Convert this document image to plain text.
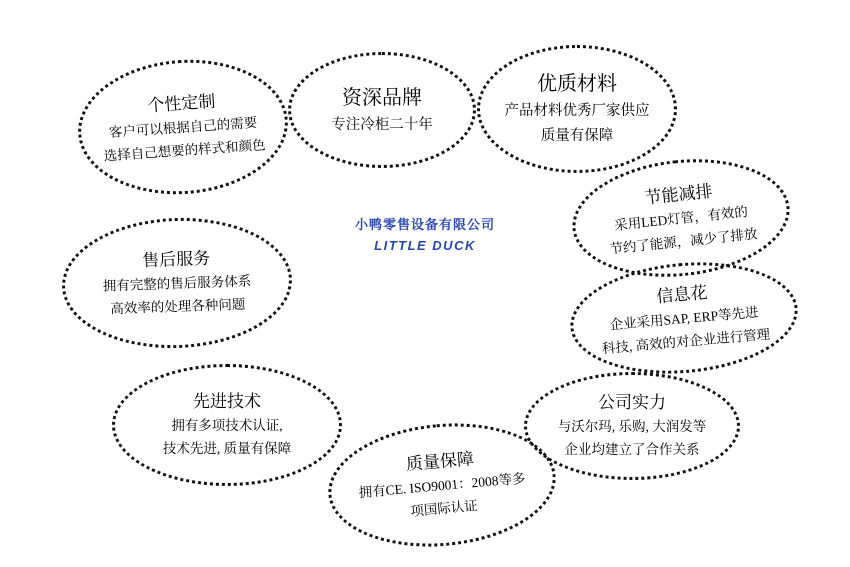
小鸭零售设备有限公司
LITTLE DUCK
个性定制
客户可以根据自己的需要
选择自己想要的样式和颜色
资深品牌
专注冷柜二十年
优质材料
产品材料优秀厂家供应
质量有保障
节能减排
采用LED灯管，有效的
节约了能源，减少了排放
售后服务
拥有完整的售后服务体系
高效率的处理各种问题	信息花
企业采用SAP, ERP等先进
科技, 高效的对企业进行管理
先进技术
拥有多项技术认证,
技术先进, 质量有保障
公司实力
与沃尔玛, 乐购, 大润发等
企业均建立了合作关系
质量保障
拥有CE. ISO9001：2008等多
项国际认证
